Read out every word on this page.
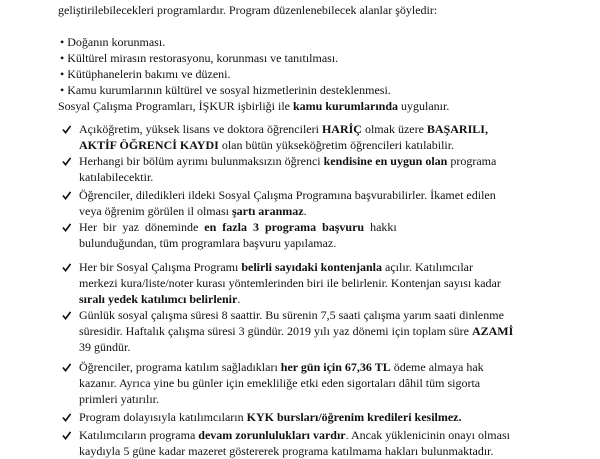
geliştirilebilecekleri programlardır. Program düzenlenebilecek alanlar şöyledir:
• Doğanın korunması.
• Kültürel mirasın restorasyonu, korunması ve tanıtılması.
• Kütüphanelerin bakımı ve düzeni.
• Kamu kurumlarının kültürel ve sosyal hizmetlerinin desteklenmesi.
Sosyal Çalışma Programları, İŞKUR işbirliği ile kamu kurumlarında uygulanır.
Açıköğretim, yüksek lisans ve doktora öğrencileri HARİÇ olmak üzere BAŞARILI,
AKTİF ÖĞRENCİ KAYDI olan bütün yükseköğretim öğrencileri katılabilir.
Herhangi bir bölüm ayrımı bulunmaksızın öğrenci kendisine en uygun olan programa
katılabilecektir.
Öğrenciler, diledikleri ildeki Sosyal Çalışma Programına başvurabilirler. İkamet edilen
veya öğrenim görülen il olması şartı aranmaz.
Her bir yaz döneminde en fazla 3 programa başvuru hakkı
bulunduğundan, tüm programlara başvuru yapılamaz.
Her bir Sosyal Çalışma Programı belirli sayıdaki kontenjanla açılır. Katılımcılar
merkezi kura/liste/noter kurası yöntemlerinden biri ile belirlenir. Kontenjan sayısı kadar
sıralı yedek katılımcı belirlenir.
Günlük sosyal çalışma süresi 8 saattir. Bu sürenin 7,5 saati çalışma yarım saati dinlenme
süresidir. Haftalık çalışma süresi 3 gündür. 2019 yılı yaz dönemi için toplam süre AZAMİ
39 gündür.
Öğrenciler, programa katılım sağladıkları her gün için 67,36 TL ödeme almaya hak
kazanır. Ayrıca yine bu günler için emekliliğe etki eden sigortaları dâhil tüm sigorta
primleri yatırılır.
Program dolayısıyla katılımcıların KYK bursları/öğrenim kredileri kesilmez.
Katılımcıların programa devam zorunlulukları vardır. Ancak yüklenicinin onayı olması
kaydıyla 5 güne kadar mazeret göstererek programa katılmama hakları bulunmaktadır.
